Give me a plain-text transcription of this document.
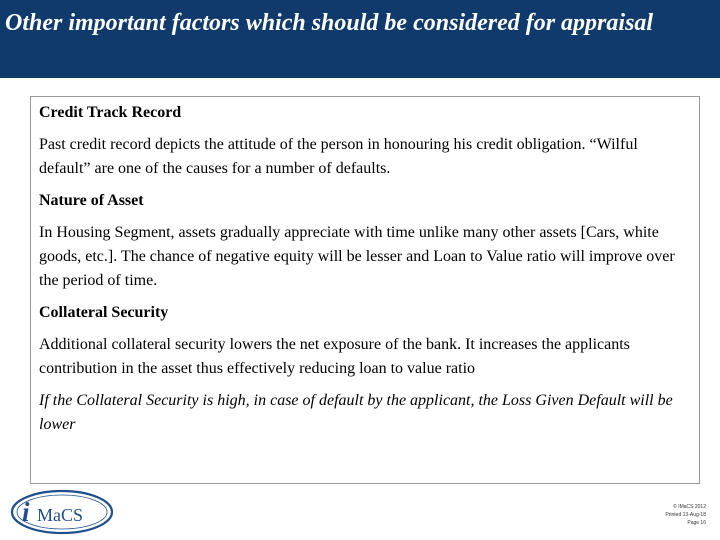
Other important factors which should be considered for appraisal

Credit Track Record

Past credit record depicts the attitude of the person in honouring his credit obligation. “Wilful default” are one of the causes for a number of defaults.

Nature of Asset

In Housing Segment, assets gradually appreciate with time unlike many other assets [Cars, white goods, etc.]. The chance of negative equity will be lesser and Loan to Value ratio will improve over the period of time.

Collateral Security

Additional collateral security lowers the net exposure of the bank. It increases the applicants contribution in the asset thus effectively reducing loan to value ratio

If the Collateral Security is high, in case of default by the applicant, the Loss Given Default will be lower

i MaCS	© IMaCS 2012
Printed 13-Aug-18
Page 16
